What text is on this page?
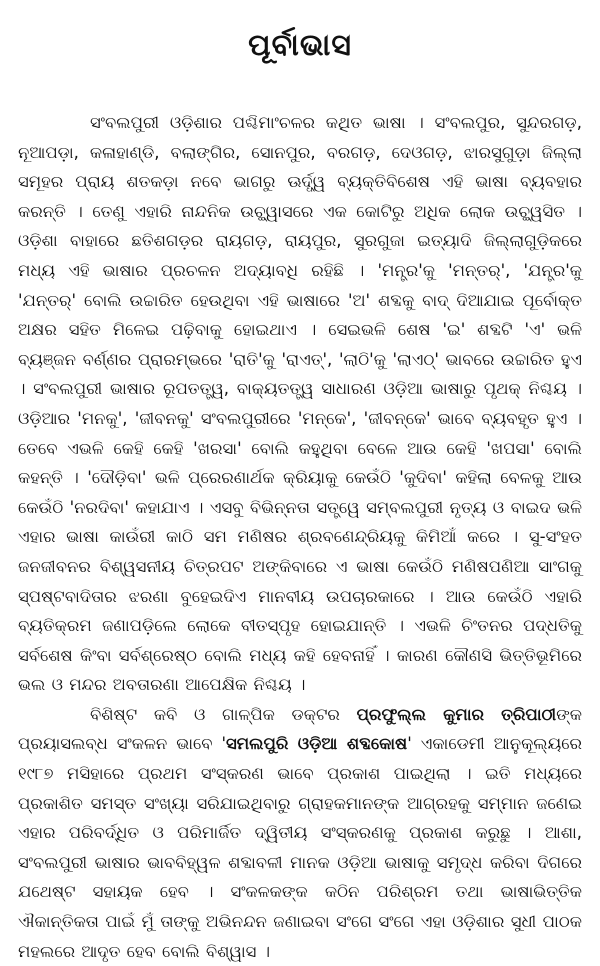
ପୂର୍ବାଭାସ

ସଂବଲପୁରୀ ଓଡ଼ିଶାର ପଶ୍ଚିମାଂଚଳର କଥିତ ଭାଷା । ସଂବଲପୁର, ସୁନ୍ଦରଗଡ଼, ନୂଆପଡ଼ା, କଳାହାଣ୍ଡି, ବଲାଙ୍ଗିର, ସୋନପୁର, ବରଗଡ଼, ଦେଓଗଡ଼, ଝାରସୁଗୁଡ଼ା ଜିଲ୍ଲା ସମୂହର ପ୍ରାୟ ଶତକଡ଼ା ନବେ ଭାଗରୁ ଊର୍ଦ୍ଧ୍ୱ ବ୍ୟକ୍ତିବିଶେଷ ଏହି ଭାଷା ବ୍ୟବହାର କରନ୍ତି । ତେଣୁ ଏହାରି ନାନ୍ଦନିକ ଉଚ୍ଛ୍ୱାସରେ ଏକ କୋଟିରୁ ଅଧିକ ଲୋକ ଉଚ୍ଛ୍ୱସିତ । ଓଡ଼ିଶା ବାହାରେ ଛତିଶଗଡ଼ର ରାୟଗଡ଼, ରାୟପୁର, ସୁରଗୁଜା ଇତ୍ୟାଦି ଜିଲ୍ଲାଗୁଡ଼ିକରେ ମଧ୍ୟ ଏହି ଭାଷାର ପ୍ରଚଳନ ଅଦ୍ୟାବଧି ରହିଛି । 'ମନ୍ତ୍ର'କୁ 'ମନ୍ତର୍', 'ଯନ୍ତ୍ର'କୁ 'ଯନ୍ତର୍' ବୋଲି ଉଚ୍ଚାରିତ ହେଉଥିବା ଏହି ଭାଷାରେ 'ଅ' ଶବ୍ଦକୁ ବାଦ୍ ଦିଆଯାଇ ପୂର୍ବୋକ୍ତ ଅକ୍ଷର ସହିତ ମିଳେଇ ପଢ଼ିବାକୁ ହୋଇଥାଏ । ସେଇଭଳି ଶେଷ 'ଇ' ଶବ୍ଦଟି 'ଏ' ଭଳି ବ୍ୟଞ୍ଜନ ବର୍ଣ୍ଣର ପ୍ରାରମ୍ଭରେ 'ରାତି'କୁ 'ରାଏତ୍', 'ଲାଠି'କୁ 'ଲାଏଠ୍' ଭାବରେ ଉଚ୍ଚାରିତ ହୁଏ । ସଂବଲପୁରୀ ଭାଷାର ରୂପତତ୍ତ୍ୱ, ବାକ୍ୟତତ୍ତ୍ୱ ସାଧାରଣ ଓଡ଼ିଆ ଭାଷାରୁ ପୃଥକ୍ ନିଶ୍ଚୟ । ଓଡ଼ିଆର 'ମନକୁ', 'ଜୀବନକୁ' ସଂବଲପୁରୀରେ 'ମନ୍‌କେ', 'ଜୀବନ୍‌କେ' ଭାବେ ବ୍ୟବହୃତ ହୁଏ । ତେବେ ଏଭଳି କେହି କେହି 'ଖରସା' ବୋଲି କହୁଥିବା ବେଳେ ଆଉ କେହି 'ଖପସା' ବୋଲି କହନ୍ତି । 'ଦୌଡ଼ିବା' ଭଳି ପ୍ରେରଣାର୍ଥକ କ୍ରିୟାକୁ କେଉଁଠି 'କୁଦିବା' କହିଲା ବେଳକୁ ଆଉ କେଉଁଠି 'ନରଦିବା' କହାଯାଏ । ଏସବୁ ବିଭିନ୍ନତା ସତ୍ତ୍ୱେ ସମ୍ବଲପୁରୀ ନୃତ୍ୟ ଓ ବାଇଦ ଭଳି ଏହାର ଭାଷା କାଉଁରୀ କାଠି ସମ ମଣିଷର ଶ୍ରବଣେନ୍ଦ୍ରିୟକୁ କିମିଆଁ କରେ । ସୁ-ସଂହତ ଜନଜୀବନର ବିଶ୍ୱସନୀୟ ଚିତ୍ରପଟ ଅଙ୍କିବାରେ ଏ ଭାଷା କେଉଁଠି ମଣିଷପଣିଆ ସାଂଗକୁ ସ୍ପଷ୍ଟବାଦିତାର ଝରଣା ବୁହେଇଦିଏ ମାନବୀୟ ଉପଚାରକାରେ । ଆଉ କେଉଁଠି ଏହାରି ବ୍ୟତିକ୍ରମ ଜଣାପଡ଼ିଲେ ଲୋକେ ବୀତସ୍ପୃହ ହୋଇଯାନ୍ତି । ଏଭଳି ଚିଂତନର ପଦ୍ଧତିକୁ ସର୍ବଶେଷ କିଂବା ସର୍ବଶ୍ରେଷ୍ଠ ବୋଲି ମଧ୍ୟ କହି ହେବନାହିଁ । କାରଣ କୌଣସି ଭିତ୍ତିଭୂମିରେ ଭଲ ଓ ମନ୍ଦର ଅବତାରଣା ଆପେକ୍ଷିକ ନିଶ୍ଚୟ ।

ବିଶିଷ୍ଟ କବି ଓ ଗାଳ୍ପିକ ଡକ୍ଟର ପ୍ରଫୁଲ୍ଲ କୁମାର ତ୍ରିପାଠୀଙ୍କ ପ୍ରୟାସଲବ୍ଧ ସଂକଳନ ଭାବେ 'ସମଲପୁରି ଓଡ଼ିଆ ଶବ୍ଦକୋଷ' ଏକାଡେମୀ ଆନୁକୂଲ୍ୟରେ ୧୯୮୭ ମସିହାରେ ପ୍ରଥମ ସଂସ୍କରଣ ଭାବେ ପ୍ରକାଶ ପାଇଥିଲା । ଇତି ମଧ୍ୟରେ ପ୍ରକାଶିତ ସମସ୍ତ ସଂଖ୍ୟା ସରିଯାଇଥିବାରୁ ଗ୍ରାହକମାନଙ୍କ ଆଗ୍ରହକୁ ସମ୍ମାନ ଜଣେଇ ଏହାର ପରିବର୍ଦ୍ଧିତ ଓ ପରିମାର୍ଜିତ ଦ୍ୱିତୀୟ ସଂସ୍କରଣକୁ ପ୍ରକାଶ କରୁଛୁ । ଆଶା, ସଂବଲପୁରୀ ଭାଷାର ଭାବବିହ୍ୱଳ ଶବ୍ଦାବଳୀ ମାନକ ଓଡ଼ିଆ ଭାଷାକୁ ସମୃଦ୍ଧ କରିବା ଦିଗରେ ଯଥେଷ୍ଟ ସହାୟକ ହେବ । ସଂକଳକଙ୍କ କଠିନ ପରିଶ୍ରମ ତଥା ଭାଷାଭିତ୍ତିକ ଐକାନ୍ତିକତା ପାଇଁ ମୁଁ ତାଙ୍କୁ ଅଭିନନ୍ଦନ ଜଣାଇବା ସଂଗେ ସଂଗେ ଏହା ଓଡ଼ିଶାର ସୁଧୀ ପାଠକ ମହଲରେ ଆଦୃତ ହେବ ବୋଲି ବିଶ୍ୱାସ ।
